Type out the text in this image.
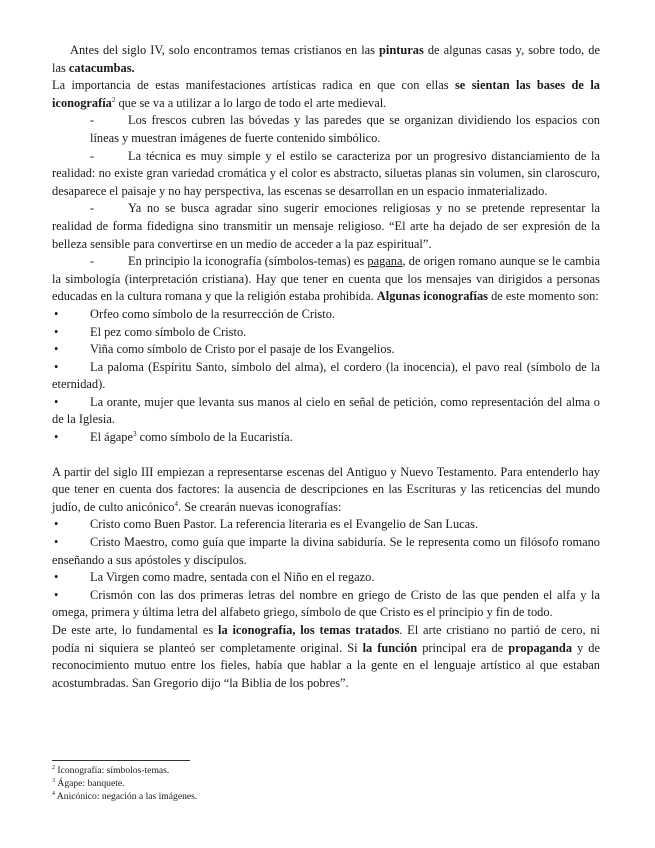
Antes del siglo IV, solo encontramos temas cristianos en las pinturas de algunas casas y, sobre todo, de las catacumbas.

La importancia de estas manifestaciones artísticas radica en que con ellas se sientan las bases de la iconografía$^2$ que se va a utilizar a lo largo de todo el arte medieval.

-	Los frescos cubren las bóvedas y las paredes que se organizan dividiendo los espacios con líneas y muestran imágenes de fuerte contenido simbólico.

-	La técnica es muy simple y el estilo se caracteriza por un progresivo distanciamiento de la realidad: no existe gran variedad cromática y el color es abstracto, siluetas planas sin volumen, sin claroscuro, desaparece el paisaje y no hay perspectiva, las escenas se desarrollan en un espacio inmaterializado.

-	Ya no se busca agradar sino sugerir emociones religiosas y no se pretende representar la realidad de forma fidedigna sino transmitir un mensaje religioso. “El arte ha dejado de ser expresión de la belleza sensible para convertirse en un medio de acceder a la paz espiritual”.

-	En principio la iconografía (símbolos-temas) es pagana, de origen romano aunque se le cambia la simbología (interpretación cristiana). Hay que tener en cuenta que los mensajes van dirigidos a personas educadas en la cultura romana y que la religión estaba prohibida. Algunas iconografías de este momento son:

•	Orfeo como símbolo de la resurrección de Cristo.

•	El pez como símbolo de Cristo.

•	Viña como símbolo de Cristo por el pasaje de los Evangelios.

•	La paloma (Espíritu Santo, símbolo del alma), el cordero (la inocencia), el pavo real (símbolo de la eternidad).

•	La orante, mujer que levanta sus manos al cielo en señal de petición, como representación del alma o de la Iglesia.

•	El ágape$^3$ como símbolo de la Eucaristía.

A partir del siglo III empiezan a representarse escenas del Antiguo y Nuevo Testamento. Para entenderlo hay que tener en cuenta dos factores: la ausencia de descripciones en las Escrituras y las reticencias del mundo judío, de culto anicónico$^4$. Se crearán nuevas iconografías:

•	Cristo como Buen Pastor. La referencia literaria es el Evangelio de San Lucas.

•	Cristo Maestro, como guía que imparte la divina sabiduría. Se le representa como un filósofo romano enseñando a sus apóstoles y discípulos.

•	La Virgen como madre, sentada con el Niño en el regazo.

•	Crismón con las dos primeras letras del nombre en griego de Cristo de las que penden el alfa y la omega, primera y última letra del alfabeto griego, símbolo de que Cristo es el principio y fin de todo.

De este arte, lo fundamental es la iconografía, los temas tratados. El arte cristiano no partió de cero, ni podía ni siquiera se planteó ser completamente original. Si la función principal era de propaganda y de reconocimiento mutuo entre los fieles, había que hablar a la gente en el lenguaje artístico al que estaban acostumbradas. San Gregorio dijo “la Biblia de los pobres”.

$^2$ Iconografía: símbolos-temas.
$^3$ Ágape: banquete.
$^4$ Anicónico: negación a las imágenes.
